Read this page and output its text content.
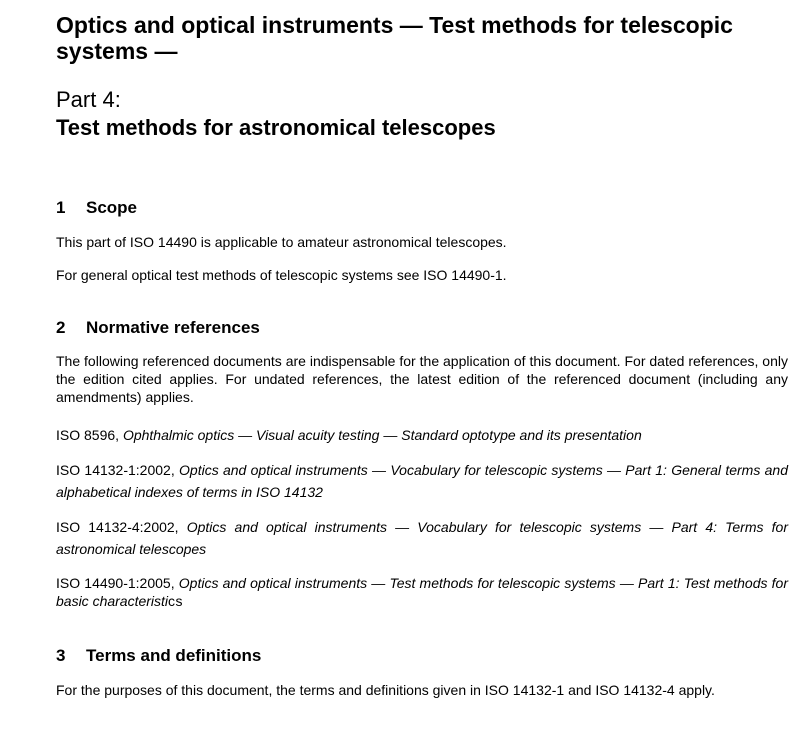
Optics and optical instruments — Test methods for telescopic systems —
Part 4:
Test methods for astronomical telescopes
1 Scope

This part of ISO 14490 is applicable to amateur astronomical telescopes.

For general optical test methods of telescopic systems see ISO 14490-1.

2 Normative references

The following referenced documents are indispensable for the application of this document. For dated references, only the edition cited applies. For undated references, the latest edition of the referenced document (including any amendments) applies.

ISO 8596, Ophthalmic optics — Visual acuity testing — Standard optotype and its presentation

ISO 14132-1:2002, Optics and optical instruments — Vocabulary for telescopic systems — Part 1: General terms and alphabetical indexes of terms in ISO 14132

ISO 14132-4:2002, Optics and optical instruments — Vocabulary for telescopic systems — Part 4: Terms for astronomical telescopes

ISO 14490-1:2005, Optics and optical instruments — Test methods for telescopic systems — Part 1: Test methods for basic characteristics

3 Terms and definitions

For the purposes of this document, the terms and definitions given in ISO 14132-1 and ISO 14132-4 apply.
